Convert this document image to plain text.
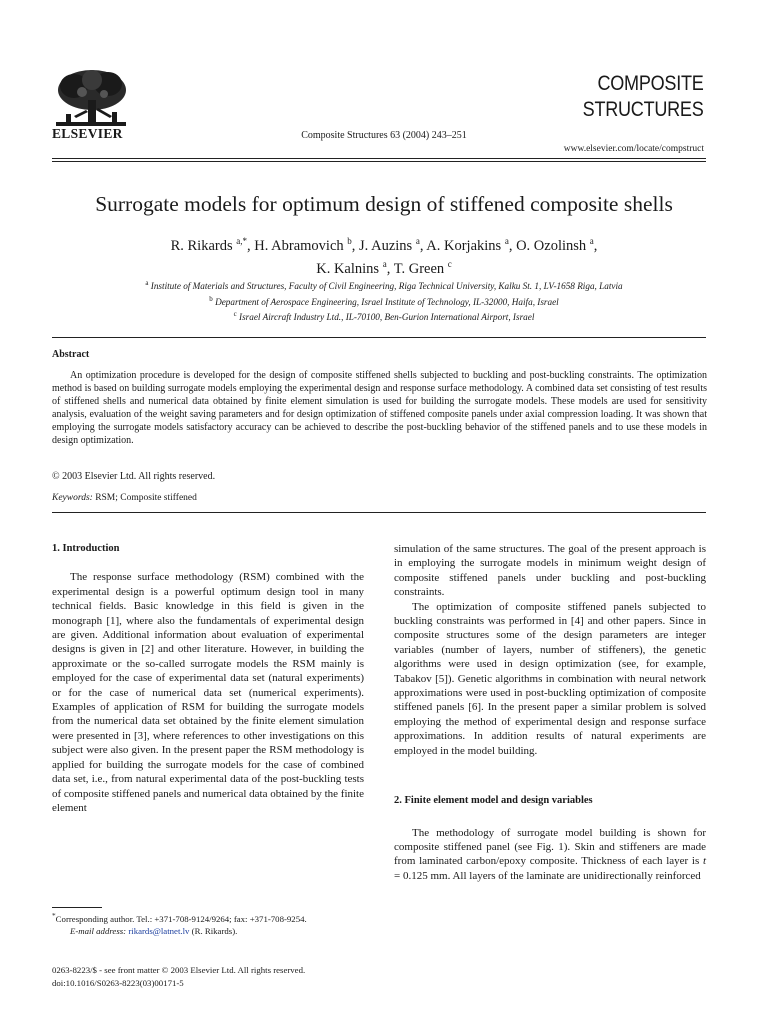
ELSEVIER	Composite Structures 63 (2004) 243–251
COMPOSITE
STRUCTURES
www.elsevier.com/locate/compstruct
Surrogate models for optimum design of stiffened composite shells
R. Rikards $^{a,*}$, H. Abramovich $^b$, J. Auzins $^a$, A. Korjakins $^a$, O. Ozolinsh $^a$,
K. Kalnins $^a$, T. Green $^c$
$^a$ Institute of Materials and Structures, Faculty of Civil Engineering, Riga Technical University, Kalku St. 1, LV-1658 Riga, Latvia
$^b$ Department of Aerospace Engineering, Israel Institute of Technology, IL-32000, Haifa, Israel
$^c$ Israel Aircraft Industry Ltd., IL-70100, Ben-Gurion International Airport, Israel
Abstract

An optimization procedure is developed for the design of composite stiffened shells subjected to buckling and post-buckling constraints. The optimization method is based on building surrogate models employing the experimental design and response surface methodology. A combined data set consisting of test results of stiffened shells and numerical data obtained by finite element simulation is used for building the surrogate models. These models are used for sensitivity analysis, evaluation of the weight saving parameters and for design optimization of stiffened composite panels under axial compression loading. It was shown that employing the surrogate models satisfactory accuracy can be achieved to describe the post-buckling behavior of the stiffened panels and to use these models in design optimization.

© 2003 Elsevier Ltd. All rights reserved.
Keywords: RSM; Composite stiffened
1. Introduction

The response surface methodology (RSM) combined with the experimental design is a powerful optimum design tool in many technical fields. Basic knowledge in this field is given in the monograph [1], where also the fundamentals of experimental design are given. Additional information about evaluation of experimental designs is given in [2] and other literature. However, in building the approximate or the so-called surrogate models the RSM mainly is employed for the case of experimental data set (natural experiments) or for the case of numerical data set (numerical experiments). Examples of application of RSM for building the surrogate models from the numerical data set obtained by the finite element simulation were presented in [3], where references to other investigations on this subject were also given. In the present paper the RSM methodology is applied for building the surrogate models for the case of combined data set, i.e., from natural experimental data of the post-buckling tests of composite stiffened panels and numerical data obtained by the finite element

simulation of the same structures. The goal of the present approach is in employing the surrogate models in minimum weight design of composite stiffened panels under buckling and post-buckling constraints.

The optimization of composite stiffened panels subjected to buckling constraints was performed in [4] and other papers. Since in composite structures some of the design parameters are integer variables (number of layers, number of stiffeners), the genetic algorithms were used in design optimization (see, for example, Tabakov [5]). Genetic algorithms in combination with neural network approximations were used in post-buckling optimization of composite stiffened panels [6]. In the present paper a similar problem is solved employing the method of experimental design and response surface approximations. In addition results of natural experiments are employed in the model building.

2. Finite element model and design variables

The methodology of surrogate model building is shown for composite stiffened panel (see Fig. 1). Skin and stiffeners are made from laminated carbon/epoxy composite. Thickness of each layer is t = 0.125 mm. All layers of the laminate are unidirectionally reinforced

*Corresponding author. Tel.: +371-708-9124/9264; fax: +371-708-9254.
E-mail address: rikards@latnet.lv (R. Rikards).
0263-8223/$ - see front matter © 2003 Elsevier Ltd. All rights reserved.
doi:10.1016/S0263-8223(03)00171-5
